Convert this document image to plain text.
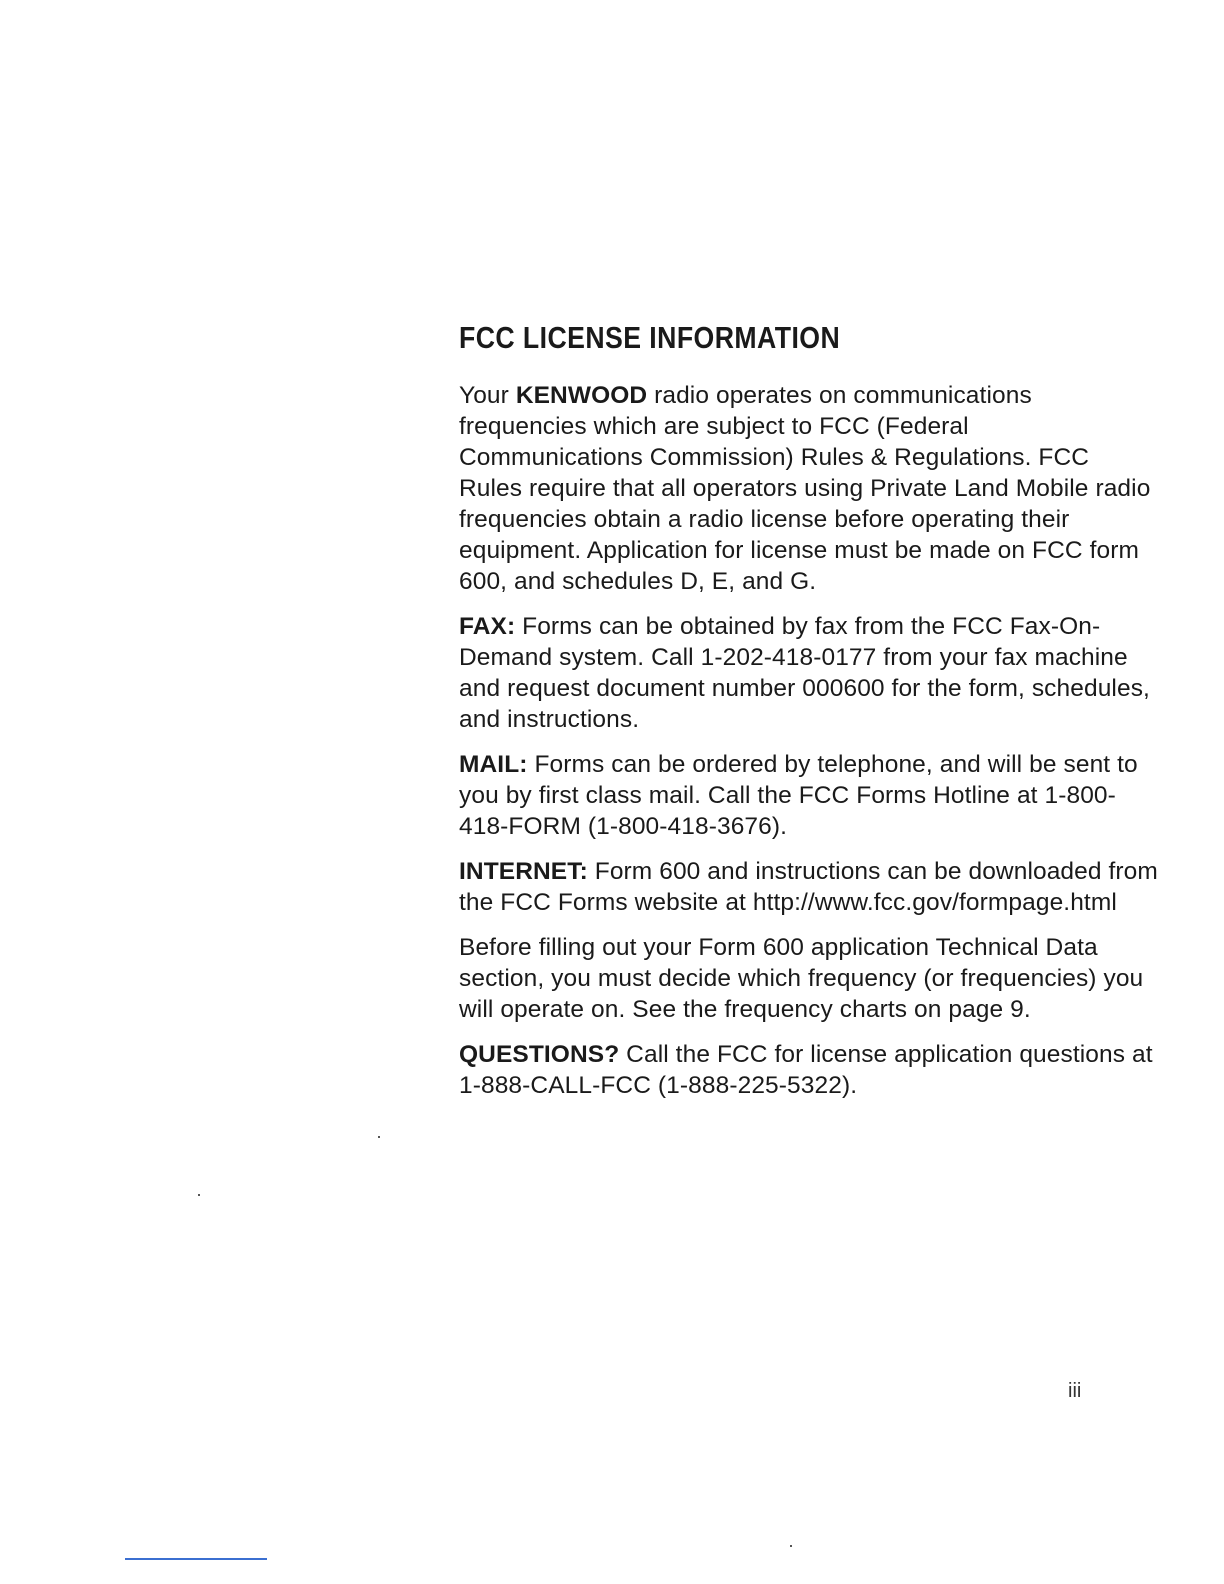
FCC LICENSE INFORMATION

Your KENWOOD radio operates on communications frequencies which are subject to FCC (Federal Communications Commission) Rules & Regulations. FCC Rules require that all operators using Private Land Mobile radio frequencies obtain a radio license before operating their equipment. Application for license must be made on FCC form 600, and schedules D, E, and G.

FAX: Forms can be obtained by fax from the FCC Fax-On-Demand system. Call 1-202-418-0177 from your fax machine and request document number 000600 for the form, schedules, and instructions.

MAIL: Forms can be ordered by telephone, and will be sent to you by first class mail. Call the FCC Forms Hotline at 1-800-418-FORM (1-800-418-3676).

INTERNET: Form 600 and instructions can be downloaded from the FCC Forms website at http://www.fcc.gov/formpage.html

Before filling out your Form 600 application Technical Data section, you must decide which frequency (or frequencies) you will operate on. See the frequency charts on page 9.

QUESTIONS? Call the FCC for license application questions at 1-888-CALL-FCC (1-888-225-5322).

iii
